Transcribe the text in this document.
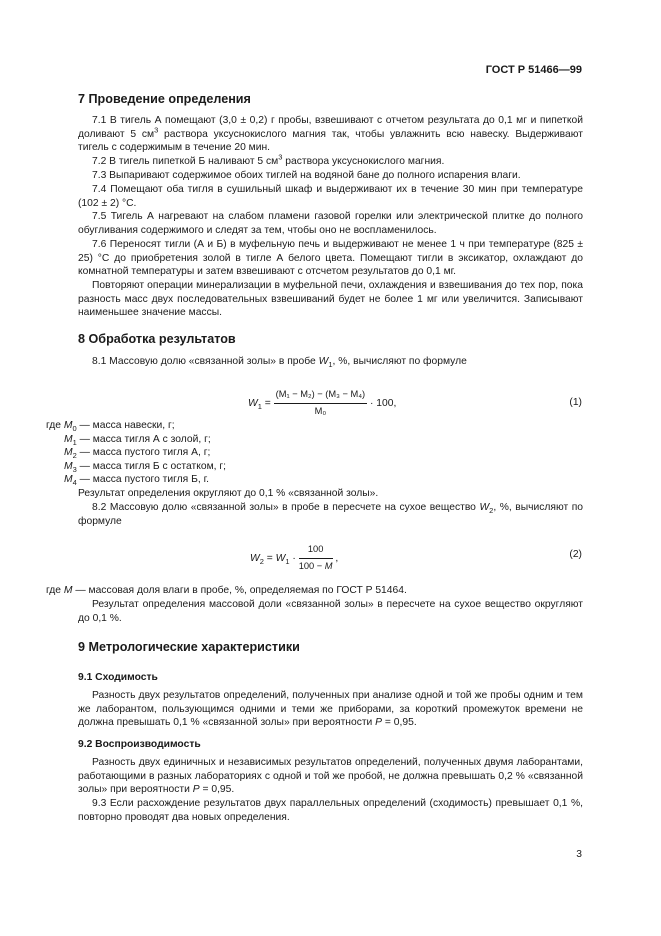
ГОСТ Р 51466—99
7 Проведение определения

7.1 В тигель А помещают (3,0 ± 0,2) г пробы, взвешивают с отчетом результата до 0,1 мг и пипеткой доливают 5 $см^3$ раствора уксуснокислого магния так, чтобы увлажнить всю навеску. Выдерживают тигель с содержимым в течение 20 мин.

7.2 В тигель пипеткой Б наливают 5 $см^3$ раствора уксуснокислого магния.

7.3 Выпаривают содержимое обоих тиглей на водяной бане до полного испарения влаги.

7.4 Помещают оба тигля в сушильный шкаф и выдерживают их в течение 30 мин при температуре (102 ± 2) °С.

7.5 Тигель А нагревают на слабом пламени газовой горелки или электрической плитке до полного обугливания содержимого и следят за тем, чтобы оно не воспламенилось.

7.6 Переносят тигли (А и Б) в муфельную печь и выдерживают не менее 1 ч при температуре (825 ± 25) °С до приобретения золой в тигле А белого цвета. Помещают тигли в эксикатор, охлаждают до комнатной температуры и затем взвешивают с отсчетом результатов до 0,1 мг.

Повторяют операции минерализации в муфельной печи, охлаждения и взвешивания до тех пор, пока разность масс двух последовательных взвешиваний будет не более 1 мг или увеличится. Записывают наименьшее значение массы.

8 Обработка результатов

8.1 Массовую долю «связанной золы» в пробе $W_1$, %, вычисляют по формуле

$W_1 = \frac{\text{(M₁ − M₂) − (M₃ − M₄)}}{\text{M₀}} \cdot 100$,	(1)
где $M_0$ — масса навески, г;
$M_1$ — масса тигля А с золой, г;
$M_2$ — масса пустого тигля А, г;
$M_3$ — масса тигля Б с остатком, г;
$M_4$ — масса пустого тигля Б, г.
Результат определения округляют до 0,1 % «связанной золы».

8.2 Массовую долю «связанной золы» в пробе в пересчете на сухое вещество $W_2$, %, вычисляют по формуле

$W_2 = W_1 \cdot \frac{100}{100 - M}$ ,	(2)
где M — массовая доля влаги в пробе, %, определяемая по ГОСТ Р 51464.

Результат определения массовой доли «связанной золы» в пересчете на сухое вещество округляют до 0,1 %.

9 Метрологические характеристики
9.1 Сходимость

Разность двух результатов определений, полученных при анализе одной и той же пробы одним и тем же лаборантом, пользующимся одними и теми же приборами, за короткий промежуток времени не должна превышать 0,1 % «связанной золы» при вероятности P = 0,95.

9.2 Воспроизводимость

Разность двух единичных и независимых результатов определений, полученных двумя лаборантами, работающими в разных лабораториях с одной и той же пробой, не должна превышать 0,2 % «связанной золы» при вероятности P = 0,95.

9.3 Если расхождение результатов двух параллельных определений (сходимость) превышает 0,1 %, повторно проводят два новых определения.

3
